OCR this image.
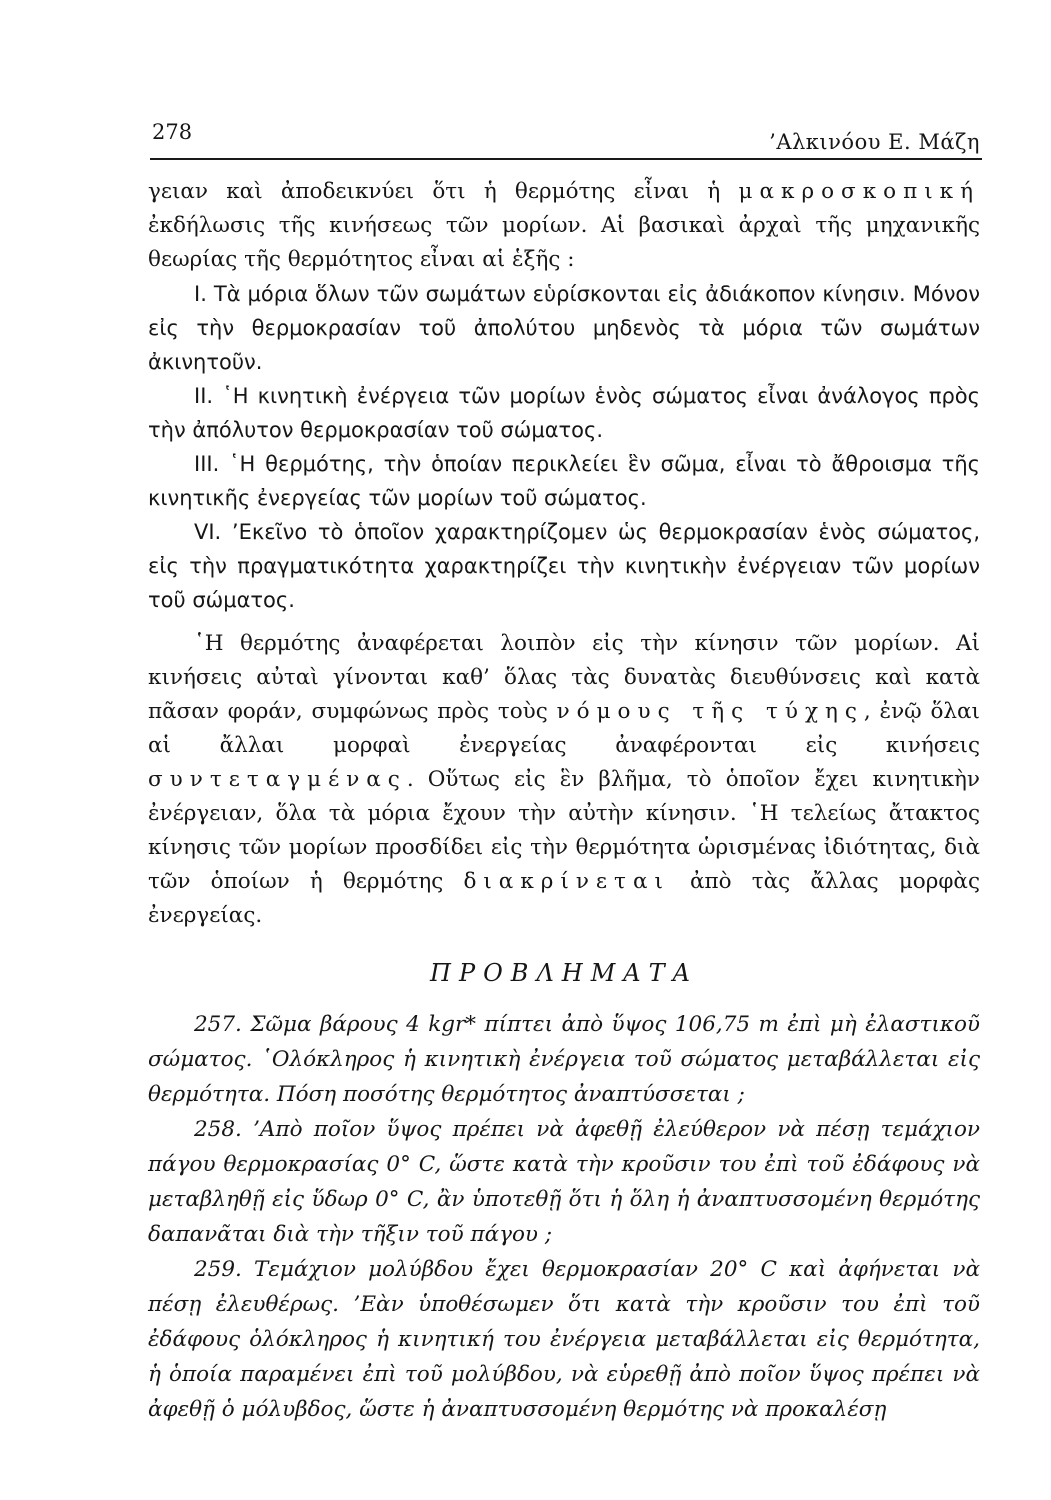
278	’Αλκινόου Ε. Μάζη

γειαν καὶ ἀποδεικνύει ὅτι ἡ θερμότης εἶναι ἡ μακροσκοπική ἐκδήλωσις τῆς κινήσεως τῶν μορίων. Αἱ βασικαὶ ἀρχαὶ τῆς μηχανικῆς θεωρίας τῆς θερμότητος εἶναι αἱ ἑξῆς :

I. Τὰ μόρια ὅλων τῶν σωμάτων εὑρίσκονται εἰς ἀδιάκοπον κίνησιν. Μόνον εἰς τὴν θερμοκρασίαν τοῦ ἀπολύτου μηδενὸς τὰ μόρια τῶν σωμάτων ἀκινητοῦν.

II. ῾Η κινητικὴ ἐνέργεια τῶν μορίων ἑνὸς σώματος εἶναι ἀνάλογος πρὸς τὴν ἀπόλυτον θερμοκρασίαν τοῦ σώματος.

III. ῾Η θερμότης, τὴν ὁποίαν περικλείει ἓν σῶμα, εἶναι τὸ ἄθροισμα τῆς κινητικῆς ἐνεργείας τῶν μορίων τοῦ σώματος.

VI. ’Εκεῖνο τὸ ὁποῖον χαρακτηρίζομεν ὡς θερμοκρασίαν ἑνὸς σώματος, εἰς τὴν πραγματικότητα χαρακτηρίζει τὴν κινητικὴν ἐνέργειαν τῶν μορίων τοῦ σώματος.

῾Η θερμότης ἀναφέρεται λοιπὸν εἰς τὴν κίνησιν τῶν μορίων. Αἱ κινήσεις αὐταὶ γίνονται καθ’ ὅλας τὰς δυνατὰς διευθύνσεις καὶ κατὰ πᾶσαν φοράν, συμφώνως πρὸς τοὺς νόμους τῆς τύχης, ἐνῷ ὅλαι αἱ ἄλλαι μορφαὶ ἐνεργείας ἀναφέρονται εἰς κινήσεις συντεταγμένας. Οὕτως εἰς ἓν βλῆμα, τὸ ὁποῖον ἔχει κινητικὴν ἐνέργειαν, ὅλα τὰ μόρια ἔχουν τὴν αὐτὴν κίνησιν. ῾Η τελείως ἄτακτος κίνησις τῶν μορίων προσδίδει εἰς τὴν θερμότητα ὡρισμένας ἰδιότητας, διὰ τῶν ὁποίων ἡ θερμότης διακρίνεται ἀπὸ τὰς ἄλλας μορφὰς ἐνεργείας.

ΠΡΟΒΛΗΜΑΤΑ

257. Σῶμα βάρους 4 kgr* πίπτει ἀπὸ ὕψος 106,75 m ἐπὶ μὴ ἐλαστικοῦ σώματος. ῾Ολόκληρος ἡ κινητικὴ ἐνέργεια τοῦ σώματος μεταβάλλεται εἰς θερμότητα. Πόση ποσότης θερμότητος ἀναπτύσσεται ;

258. ’Απὸ ποῖον ὕψος πρέπει νὰ ἀφεθῇ ἐλεύθερον νὰ πέσῃ τεμάχιον πάγου θερμοκρασίας 0° C, ὥστε κατὰ τὴν κροῦσιν του ἐπὶ τοῦ ἐδάφους νὰ μεταβληθῇ εἰς ὕδωρ 0° C, ἂν ὑποτεθῇ ὅτι ἡ ὅλη ἡ ἀναπτυσσομένη θερμότης δαπανᾶται διὰ τὴν τῆξιν τοῦ πάγου ;

259. Τεμάχιον μολύβδου ἔχει θερμοκρασίαν 20° C καὶ ἀφήνεται νὰ πέσῃ ἐλευθέρως. ’Εὰν ὑποθέσωμεν ὅτι κατὰ τὴν κροῦσιν του ἐπὶ τοῦ ἐδάφους ὁλόκληρος ἡ κινητική του ἐνέργεια μεταβάλλεται εἰς θερμότητα, ἡ ὁποία παραμένει ἐπὶ τοῦ μολύβδου, νὰ εὑρεθῇ ἀπὸ ποῖον ὕψος πρέπει νὰ ἀφεθῇ ὁ μόλυβδος, ὥστε ἡ ἀναπτυσσομένη θερμότης νὰ προκαλέσῃ
